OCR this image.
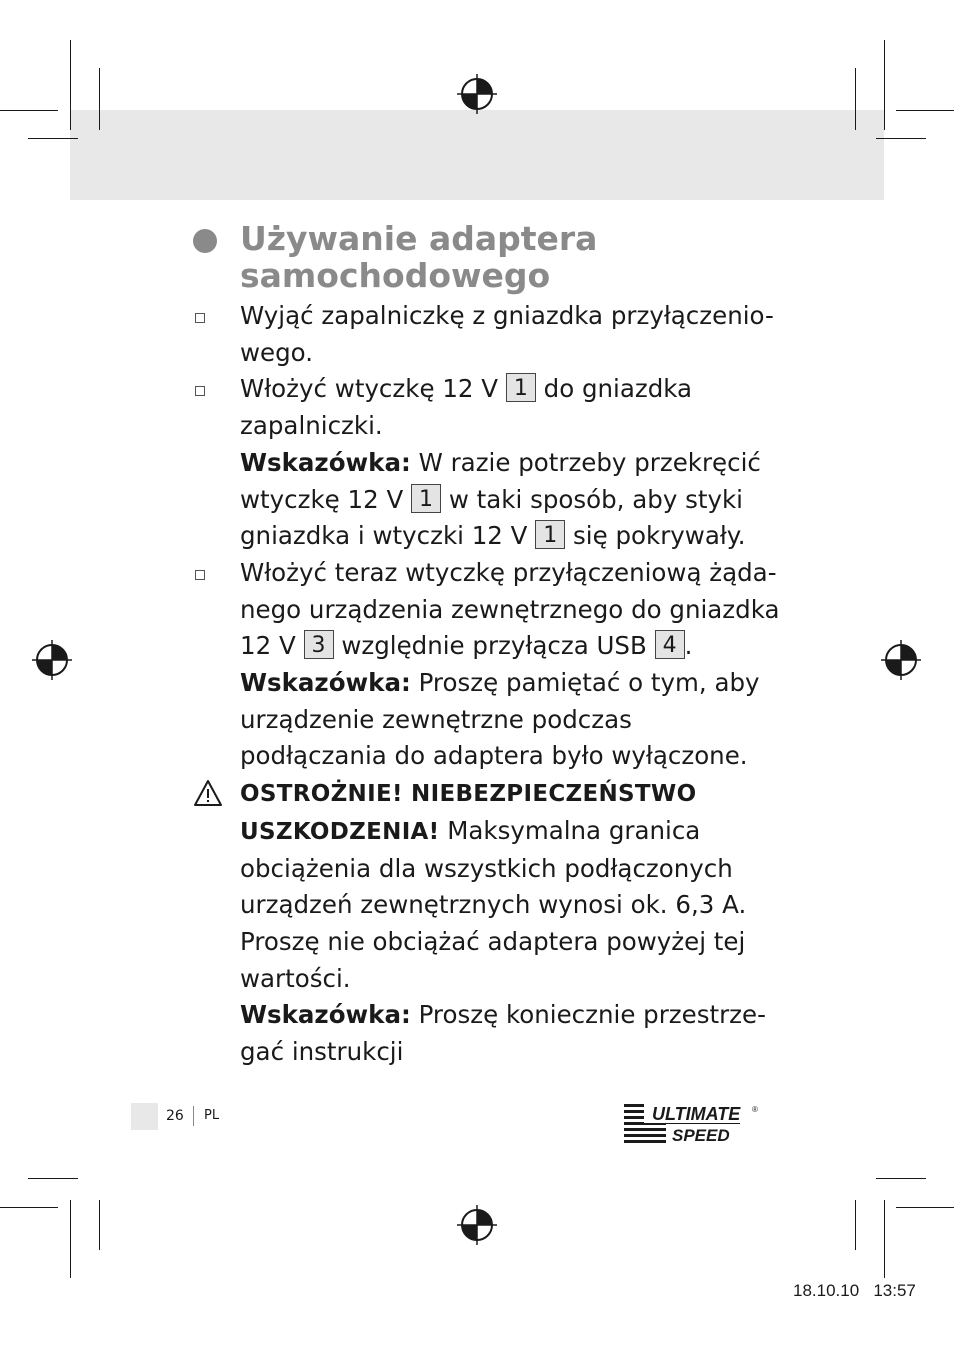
Używanie adaptera samochodowego

Wyjąć zapalniczkę z gniazdka przyłączenio- wego.

Włożyć wtyczkę 12 V 1 do gniazdka zapalniczki.
Wskazówka: W razie potrzeby przekręcić wtyczkę 12 V 1 w taki sposób, aby styki gniazdka i wtyczki 12 V 1 się pokrywały.

Włożyć teraz wtyczkę przyłączeniową żąda- nego urządzenia zewnętrznego do gniazdka 12 V 3 względnie przyłącza USB 4 .
Wskazówka: Proszę pamiętać o tym, aby urządzenie zewnętrzne podczas podłączania do adaptera było wyłączone.

OSTROŻNIE! NIEBEZPIECZEŃSTWO USZKODZENIA! Maksymalna granica obciążenia dla wszystkich podłączonych urządzeń zewnętrznych wynosi ok. 6,3 A. Proszę nie obciążać adaptera powyżej tej wartości.
Wskazówka: Proszę koniecznie przestrze- gać instrukcji

26 PL	ULTIMATE
SPEED
®
18.10.10   13:57
